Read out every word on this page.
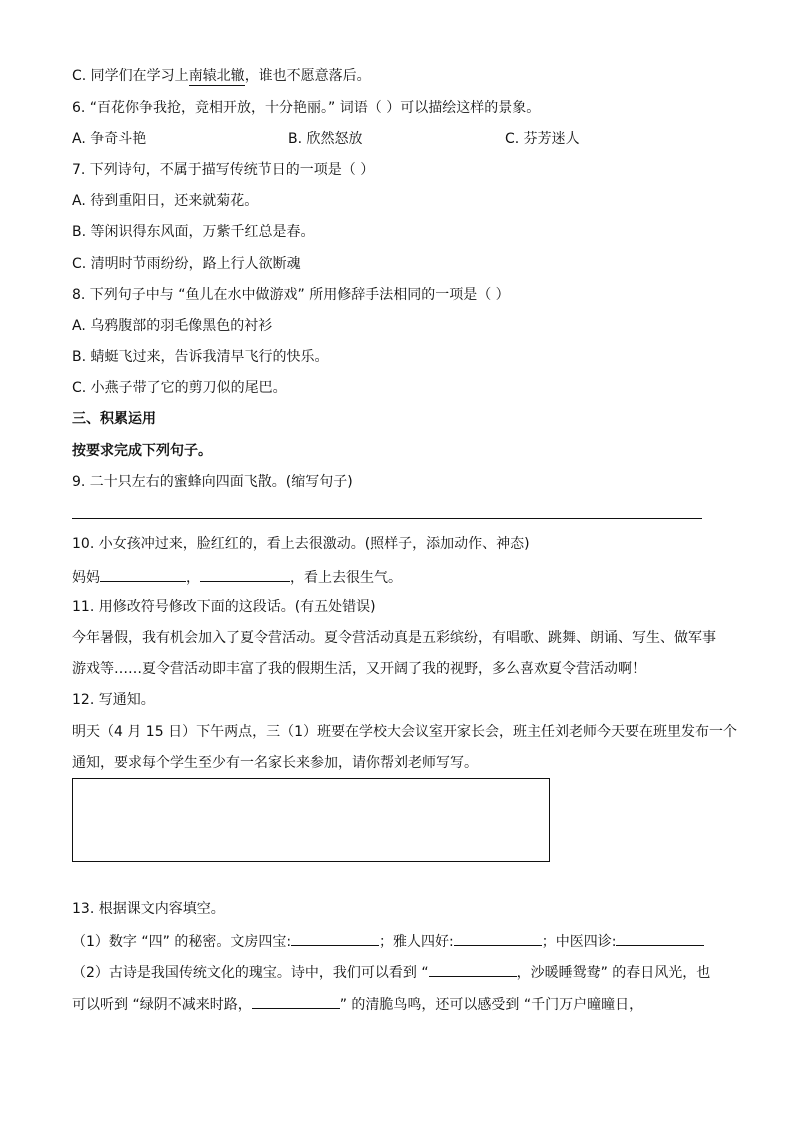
C. 同学们在学习上南辕北辙，谁也不愿意落后。
6. “百花你争我抢，竞相开放，十分艳丽。” 词语（ ）可以描绘这样的景象。
A. 争奇斗艳	B. 欣然怒放	C. 芬芳迷人
7. 下列诗句，不属于描写传统节日的一项是（ ）
A. 待到重阳日，还来就菊花。
B. 等闲识得东风面，万紫千红总是春。
C. 清明时节雨纷纷，路上行人欲断魂
8. 下列句子中与 “鱼儿在水中做游戏” 所用修辞手法相同的一项是（ ）
A. 乌鸦腹部的羽毛像黑色的衬衫
B. 蜻蜓飞过来，告诉我清早飞行的快乐。
C. 小燕子带了它的剪刀似的尾巴。
三、积累运用
按要求完成下列句子。
9. 二十只左右的蜜蜂向四面飞散。(缩写句子)
10. 小女孩冲过来，脸红红的，看上去很激动。(照样子，添加动作、神态)
妈妈	，	，看上去很生气。
11. 用修改符号修改下面的这段话。(有五处错误)
今年暑假，我有机会加入了夏令营活动。夏令营活动真是五彩缤纷，有唱歌、跳舞、朗诵、写生、做军事
游戏等……夏令营活动即丰富了我的假期生活，又开阔了我的视野，多么喜欢夏令营活动啊！
12. 写通知。
明天（4 月 15 日）下午两点，三（1）班要在学校大会议室开家长会，班主任刘老师今天要在班里发布一个
通知，要求每个学生至少有一名家长来参加，请你帮刘老师写写。
13. 根据课文内容填空。
（1）数字 “四” 的秘密。文房四宝:	；雅人四好:	；中医四诊:
（2）古诗是我国传统文化的瑰宝。诗中，我们可以看到 “	，沙暖睡鸳鸯” 的春日风光，也
可以听到 “绿阴不减来时路，	” 的清脆鸟鸣，还可以感受到 “千门万户曈曈日，
